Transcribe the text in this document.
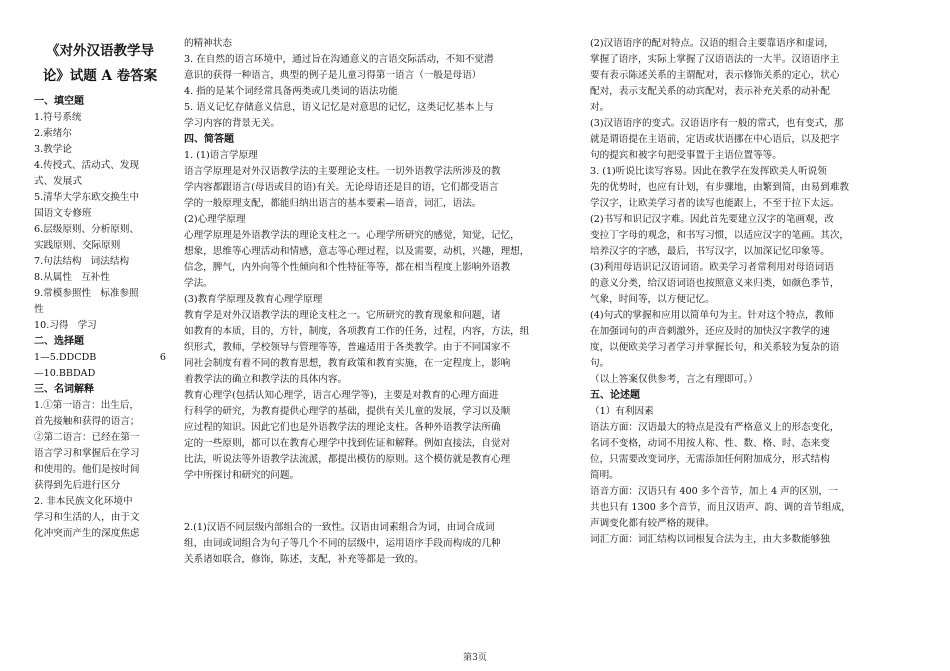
《对外汉语教学导

论》试题 A 卷答案

一、填空题

1.符号系统

2.索绪尔

3.教学论

4.传授式、活动式、发现

式、发展式

5.清华大学东欧交换生中

国语文专修班

6.层级原则、分析原则、

实践原则、交际原则

7.句法结构   词法结构

8.从属性   互补性

9.常模参照性   标准参照

性

10.习得   学习

二、选择题

1—5.DDCDB             6

—10.BBDAD

三、名词解释

1.①第一语言：出生后，

首先接触和获得的语言；

②第二语言：已经在第一

语言学习和掌握后在学习

和使用的。他们是按时间

获得到先后进行区分

2. 非本民族文化环境中

学习和生活的人，由于文

化冲突而产生的深度焦虑

的精神状态

3. 在自然的语言环境中，通过旨在沟通意义的言语交际活动，不知不觉潜

意识的获得一种语言，典型的例子是儿童习得第一语言（一般是母语）

4. 指的是某个词经常具备两类或几类词的语法功能

5. 语义记忆存储意义信息，语义记忆是对意思的记忆，这类记忆基本上与

学习内容的背景无关。

四、简答题

1. (1)语言学原理

语言学原理是对外汉语教学法的主要理论支柱。一切外语教学法所涉及的教

学内容都跟语言(母语或目的语)有关。无论母语还是目的语，它们都受语言

学的一般原理支配，都能归纳出语言的基本要素—语音，词汇，语法。

(2)心理学原理

心理学原理是外语教学法的理论支柱之一。心理学所研究的感觉，知觉，记忆，

想象，思维等心理活动和情感，意志等心理过程，以及需要，动机，兴趣，理想，

信念，脾气，内外向等个性倾向和个性特征等等，都在相当程度上影响外语教

学法。

(3)教育学原理及教育心理学原理

教育学是对外汉语教学法的理论支柱之一。它所研究的教育现象和问题，诸

如教育的本质，目的，方针，制度，各项教育工作的任务，过程，内容，方法，组

织形式，教师，学校领导与管理等等，普遍适用于各类教学。由于不同国家不

同社会制度有着不同的教育思想，教育政策和教育实施，在一定程度上，影响

着教学法的确立和教学法的具体内容。

教育心理学(包括认知心理学，语言心理学等)，主要是对教育的心理方面进

行科学的研究，为教育提供心理学的基础，提供有关儿童的发展，学习以及顺

应过程的知识。因此它们也是外语教学法的理论支柱。各种外语教学法所确

定的一些原则，都可以在教育心理学中找到佐证和解释。例如直接法，自觉对

比法，听说法等外语教学法流派，都提出模仿的原则。这个模仿就是教育心理

学中所探讨和研究的问题。

2.(1)汉语不同层级内部组合的一致性。汉语由词素组合为词，由词合成词

组，由词或词组合为句子等几个不同的层级中，运用语序手段而构成的几种

关系诸如联合，修饰，陈述，支配，补充等都是一致的。

(2)汉语语序的配对特点。汉语的组合主要靠语序和虚词，

掌握了语序，实际上掌握了汉语语法的一大半。汉语语序主

要有表示陈述关系的主谓配对，表示修饰关系的定心，状心

配对，表示支配关系的动宾配对，表示补充关系的动补配

对。

(3)汉语语序的变式。汉语语序有一般的常式，也有变式，那

就是谓语提在主语前，定语或状语挪在中心语后，以及把字

句的提宾和被字句把受事置于主语位置等等。

3. (1)听说比读写容易。因此在教学在发挥欧美人听说领

先的优势时，也应有计划，有步骤地，由繁到简，由易到难教

学汉字，让欧美学习者的读写也能跟上，不至于拉下太远。

(2)书写和识记汉字难。因此首先要建立汉字的笔画观，改

变拉丁字母的观念，和书写习惯，以适应汉字的笔画。其次，

培养汉字的字感，最后，书写汉字，以加深记忆印象等。

(3)利用母语识记汉语词语。欧美学习者常利用对母语词语

的意义分类，给汉语词语也按照意义来归类，如颜色季节，

气象，时间等，以方便记忆。

(4)句式的掌握和应用以简单句为主。针对这个特点，教师

在加强词句的声音刺激外，还应及时的加快汉字教学的速

度，以便欧美学习者学习并掌握长句，和关系较为复杂的语

句。

（以上答案仅供参考，言之有理即可。）

五、论述题

（1）有利因素

语法方面：汉语最大的特点是没有严格意义上的形态变化，

名词不变格，动词不用按人称、性、数、格、时、态来变

位，只需要改变词序，无需添加任何附加成分，形式结构

简明。

语音方面：汉语只有 400 多个音节，加上 4 声的区别，一

共也只有 1300 多个音节，而且汉语声、韵、调的音节组成，

声调变化都有较严格的规律。

词汇方面：词汇结构以词根复合法为主，由大多数能够独

第3页
